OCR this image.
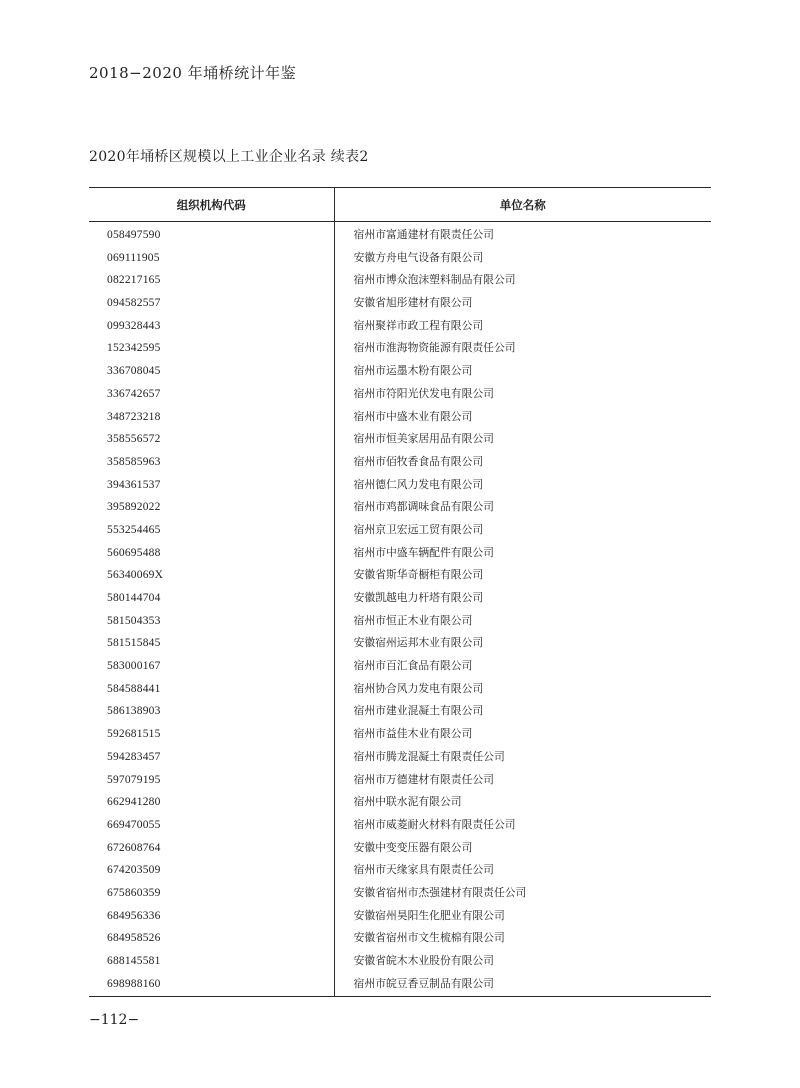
2018−2020 年埇桥统计年鉴
2020年埇桥区规模以上工业企业名录 续表2
组织机构代码	单位名称
058497590
069111905
082217165
094582557
099328443
152342595
336708045
336742657
348723218
358556572
358585963
394361537
395892022
553254465
560695488
56340069X
580144704
581504353
581515845
583000167
584588441
586138903
592681515
594283457
597079195
662941280
669470055
672608764
674203509
675860359
684956336
684958526
688145581
698988160
宿州市富通建材有限责任公司
安徽方舟电气设备有限公司
宿州市博众泡沫塑料制品有限公司
安徽省旭彤建材有限公司
宿州聚祥市政工程有限公司
宿州市淮海物资能源有限责任公司
宿州市运墨木粉有限公司
宿州市符阳光伏发电有限公司
宿州市中盛木业有限公司
宿州市恒美家居用品有限公司
宿州市佰牧香食品有限公司
宿州德仁风力发电有限公司
宿州市鸡都调味食品有限公司
宿州京卫宏远工贸有限公司
宿州市中盛车辆配件有限公司
安徽省斯华奇橱柜有限公司
安徽凯越电力杆塔有限公司
宿州市恒正木业有限公司
安徽宿州运邦木业有限公司
宿州市百汇食品有限公司
宿州协合风力发电有限公司
宿州市建业混凝土有限公司
宿州市益佳木业有限公司
宿州市腾龙混凝土有限责任公司
宿州市万德建材有限责任公司
宿州中联水泥有限公司
宿州市威菱耐火材料有限责任公司
安徽中变变压器有限公司
宿州市天缘家具有限责任公司
安徽省宿州市杰强建材有限责任公司
安徽宿州昊阳生化肥业有限公司
安徽省宿州市文生梳棉有限公司
安徽省皖木木业股份有限公司
宿州市皖豆香豆制品有限公司
−112−
